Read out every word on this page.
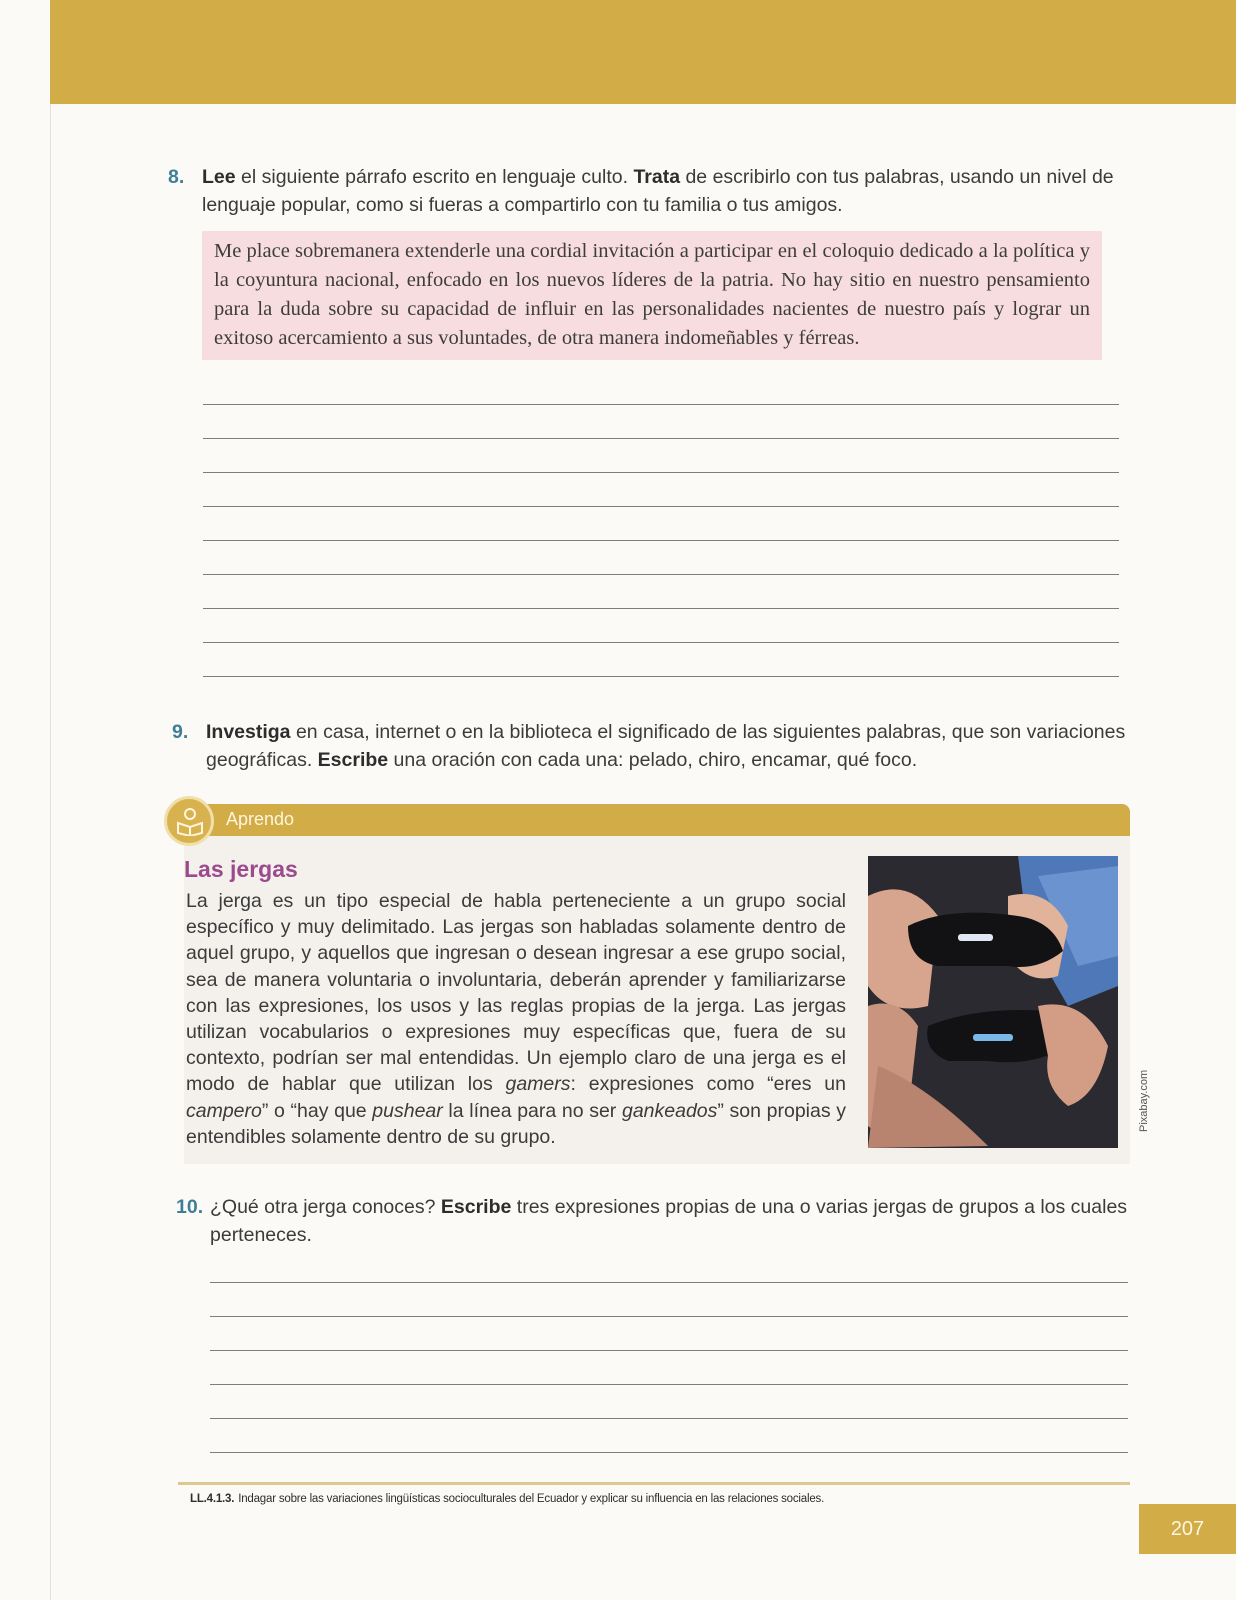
8. Lee el siguiente párrafo escrito en lenguaje culto. Trata de escribirlo con tus palabras, usando un nivel de lenguaje popular, como si fueras a compartirlo con tu familia o tus amigos.
Me place sobremanera extenderle una cordial invitación a participar en el coloquio dedicado a la política y la coyuntura nacional, enfocado en los nuevos líderes de la patria. No hay sitio en nuestro pensamiento para la duda sobre su capacidad de influir en las personalidades nacientes de nuestro país y lograr un exitoso acercamiento a sus voluntades, de otra manera indomeñables y férreas.
9. Investiga en casa, internet o en la biblioteca el significado de las siguientes palabras, que son variaciones geográficas. Escribe una oración con cada una: pelado, chiro, encamar, qué foco.
Aprendo
Las jergas
La jerga es un tipo especial de habla perteneciente a un grupo social específico y muy delimitado. Las jergas son habladas solamente dentro de aquel grupo, y aquellos que ingresan o desean ingresar a ese grupo social, sea de manera voluntaria o involuntaria, deberán aprender y familiarizarse con las expresiones, los usos y las reglas propias de la jerga. Las jergas utilizan vocabularios o expresiones muy específicas que, fuera de su contexto, podrían ser mal entendidas. Un ejemplo claro de una jerga es el modo de hablar que utilizan los gamers: expresiones como “eres un campero” o “hay que pushear la línea para no ser gankeados” son propias y entendibles solamente dentro de su grupo.
Pixabay.com
10. ¿Qué otra jerga conoces? Escribe tres expresiones propias de una o varias jergas de grupos a los cuales perteneces.
LL.4.1.3. Indagar sobre las variaciones lingüísticas socioculturales del Ecuador y explicar su influencia en las relaciones sociales.
207
